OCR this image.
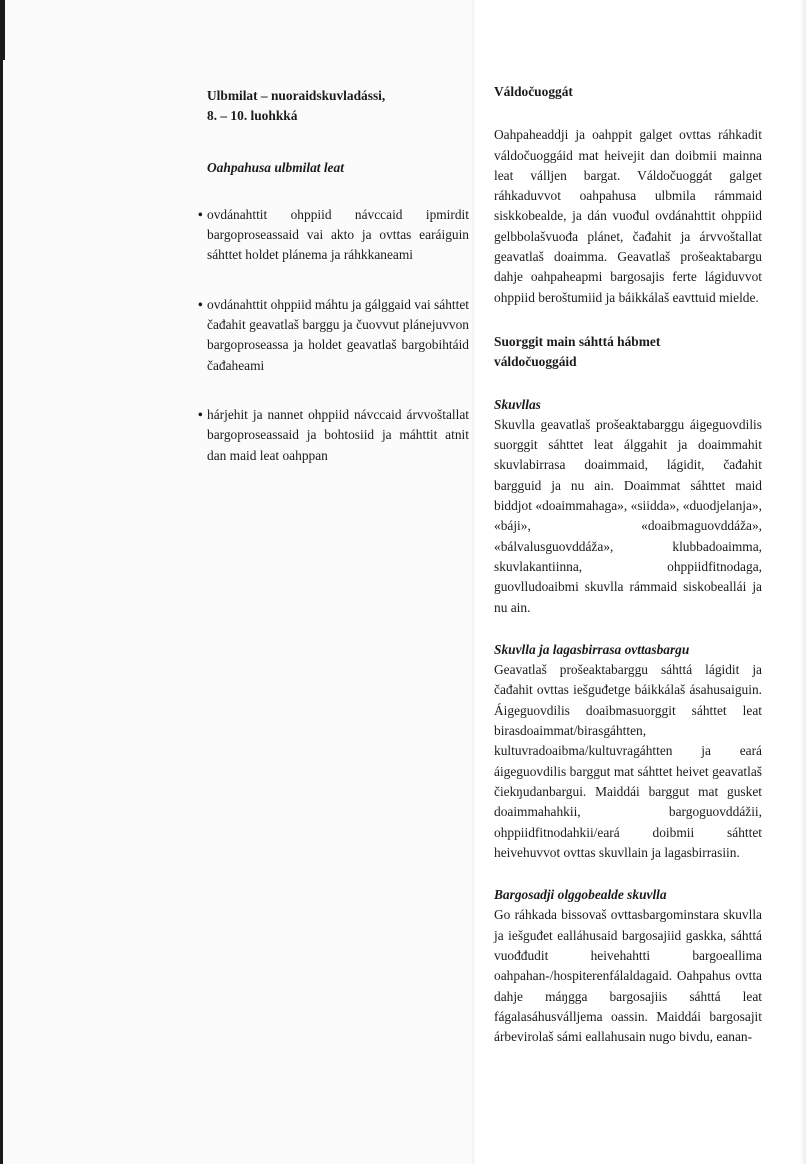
Ulbmilat – nuoraidskuvladássi,
8. – 10. luohkká

Oahpahusa ulbmilat leat

• ovdánahttit ohppiid návccaid ipmirdit bargoproseassaid vai akto ja ovttas earáiguin sáhttet holdet plánema ja ráhkkaneami
• ovdánahttit ohppiid máhtu ja gálggaid vai sáhttet čađahit geavatlaš barggu ja čuovvut plánejuvvon bargoproseassa ja holdet geavatlaš bargobihtáid čađaheami
• hárjehit ja nannet ohppiid návccaid árvvoštallat bargoproseassaid ja bohtosiid ja máhttit atnit dan maid leat oahppan

Váldočuoggát

Oahpaheaddji ja oahppit galget ovttas ráhkadit váldočuoggáid mat heivejit dan doibmii mainna leat válljen bargat. Váldočuoggát galget ráhkaduvvot oahpahusa ulbmila rámmaid siskkobealde, ja dán vuođul ovdánahttit ohppiid gelbbolašvuođa plánet, čađahit ja árvvoštallat geavatlaš doaimma. Geavatlaš prošeaktabargu dahje oahpaheapmi bargosajis ferte lágiduvvot ohppiid beroštumiid ja báikkálaš eavttuid mielde.

Suorggit main sáhttá hábmet
váldočuoggáid

Skuvllas

Skuvlla geavatlaš prošeaktabarggu áigeguovdilis suorggit sáhttet leat álggahit ja doaimmahit skuvlabirrasa doaimmaid, lágidit, čađahit bargguid ja nu ain. Doaimmat sáhttet maid biddjot «doaimmahaga», «siidda», «duodjelanja», «báji», «doaibmaguovddáža», «bálvalusguovddáža», klubbadoaimma, skuvlakantiinna, ohppiidfitnodaga, guovlludoaibmi skuvlla rámmaid siskobeallái ja nu ain.

Skuvlla ja lagasbirrasa ovttasbargu

Geavatlaš prošeaktabarggu sáhttá lágidit ja čađahit ovttas iešguđetge báikkálaš ásahusaiguin. Áigeguovdilis doaibmasuorggit sáhttet leat birasdoaimmat/birasgáhtten, kultuvradoaibma/kultuvragáhtten ja eará áigeguovdilis barggut mat sáhttet heivet geavatlaš čiekŋudanbargui. Maiddái barggut mat gusket doaimmahahkii, bargoguovddážii, ohppiidfitnodahkii/eará doibmii sáhttet heivehuvvot ovttas skuvllain ja lagasbirrasiin.

Bargosadji olggobealde skuvlla

Go ráhkada bissovaš ovttasbargominstara skuvlla ja iešguđet ealláhusaid bargosajiid gaskka, sáhttá vuođđudit heivehahtti bargoeallima oahpahan-/hospiterenfálaldagaid. Oahpahus ovtta dahje máŋgga bargosajiis sáhttá leat fágalasáhusválljema oassin. Maiddái bargosajit árbevirolaš sámi eallahusain nugo bivdu, eanan-
